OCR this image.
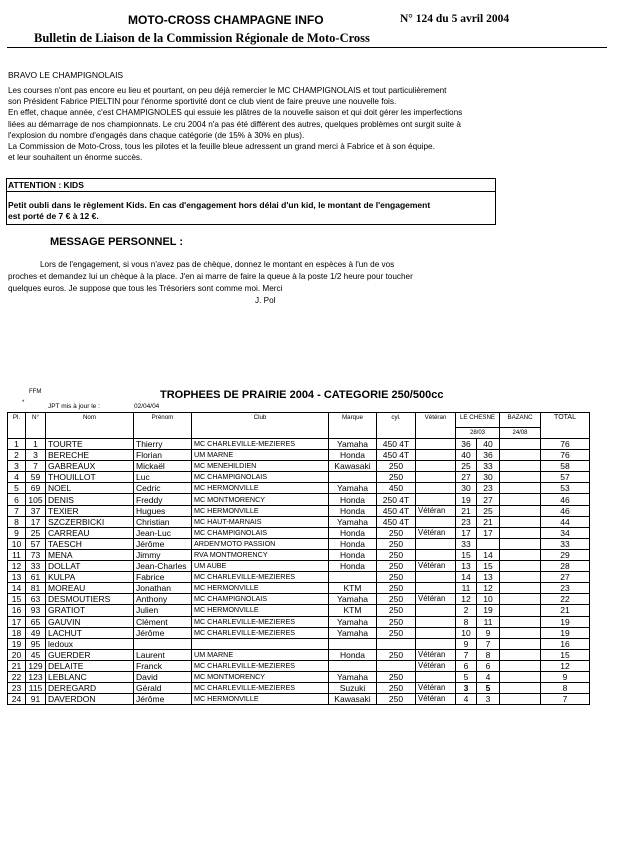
MOTO-CROSS CHAMPAGNE INFO	N° 124 du 5 avril 2004
Bulletin de Liaison de la Commission Régionale de Moto-Cross
BRAVO LE CHAMPIGNOLAIS
Les courses n'ont pas encore eu lieu et pourtant, on peu déjà remercier le MC CHAMPIGNOLAIS et tout particulièrement
son Président Fabrice PIELTIN pour l'énorme sportivité dont ce club vient de faire preuve une nouvelle fois.
En effet, chaque année, c'est CHAMPIGNOLES qui essuie les plâtres de la nouvelle saison et qui doit gérer les imperfections
liées au démarrage de nos championnats. Le cru 2004 n'a pas été différent des autres, quelques problèmes ont surgit suite à
l'explosion du nombre d'engagés dans chaque catégorie (de 15% à 30% en plus).
La Commission de Moto-Cross, tous les pilotes et la feuille bleue adressent un grand merci à Fabrice et à son équipe.
et leur souhaitent un énorme succès.
ATTENTION : KIDS
Petit oubli dans le règlement Kids. En cas d'engagement hors délai d'un kid, le montant de l'engagement
est porté de 7 € à 12 €.
MESSAGE PERSONNEL :
Lors de l'engagement, si vous n'avez pas de chèque, donnez le montant en espèces à l'un de vos
proches et demandez lui un chèque à la place. J'en ai marre de faire la queue à la poste 1/2 heure pour toucher
quelques euros. Je suppose que tous les Trésoriers sont comme moi. Merci
J. Pol
FFM
*
TROPHEES DE PRAIRIE 2004 - CATEGORIE 250/500cc
JPT mis à jour le :	02/04/04
Pl.	N°	Nom	Prénom	Club	Marque	cyl.	Vétéran	LE CHESNE		BAZANC	TOTAL
								28/03		24/08	
1	1	TOURTE	Thierry	MC CHARLEVILLE-MEZIERES	Yamaha	450 4T		36	40		76
2	3	BERECHE	Florian	UM MARNE	Honda	450 4T		40	36		76
3	7	GABREAUX	Mickaël	MC MENEHILDIEN	Kawasaki	250		25	33		58
4	59	THOUILLOT	Luc	MC CHAMPIGNOLAIS		250		27	30		57
5	69	NOEL	Cedric	MC HERMONVILLE	Yamaha	450		30	23		53
6	105	DENIS	Freddy	MC MONTMORENCY	Honda	250 4T		19	27		46
7	37	TEXIER	Hugues	MC HERMONVILLE	Honda	450 4T	Vétéran	21	25		46
8	17	SZCZERBICKI	Christian	MC HAUT-MARNAIS	Yamaha	450 4T		23	21		44
9	25	CARREAU	Jean-Luc	MC CHAMPIGNOLAIS	Honda	250	Vétéran	17	17		34
10	57	TAESCH	Jérôme	ARDEN'MOTO PASSION	Honda	250		33			33
11	73	MENA	Jimmy	RVA MONTMORENCY	Honda	250		15	14		29
12	33	DOLLAT	Jean-Charles	UM AUBE	Honda	250	Vétéran	13	15		28
13	61	KULPA	Fabrice	MC CHARLEVILLE-MEZIERES		250		14	13		27
14	81	MOREAU	Jonathan	MC HERMONVILLE	KTM	250		11	12		23
15	63	DESMOUTIERS	Anthony	MC CHAMPIGNOLAIS	Yamaha	250	Vétéran	12	10		22
16	93	GRATIOT	Julien	MC HERMONVILLE	KTM	250		2	19		21
17	65	GAUVIN	Clément	MC CHARLEVILLE-MEZIERES	Yamaha	250		8	11		19
18	49	LACHUT	Jérôme	MC CHARLEVILLE-MEZIERES	Yamaha	250		10	9		19
19	95	ledoux						9	7		16
20	45	GUERDER	Laurent	UM MARNE	Honda	250	Vétéran	7	8		15
21	129	DELAITE	Franck	MC CHARLEVILLE-MEZIERES			Vétéran	6	6		12
22	123	LEBLANC	David	MC MONTMORENCY	Yamaha	250		5	4		9
23	115	DEREGARD	Gérald	MC CHARLEVILLE-MEZIERES	Suzuki	250	Vétéran	3	5		8
24	91	DAVERDON	Jérôme	MC HERMONVILLE	Kawasaki	250	Vétéran	4	3		7
